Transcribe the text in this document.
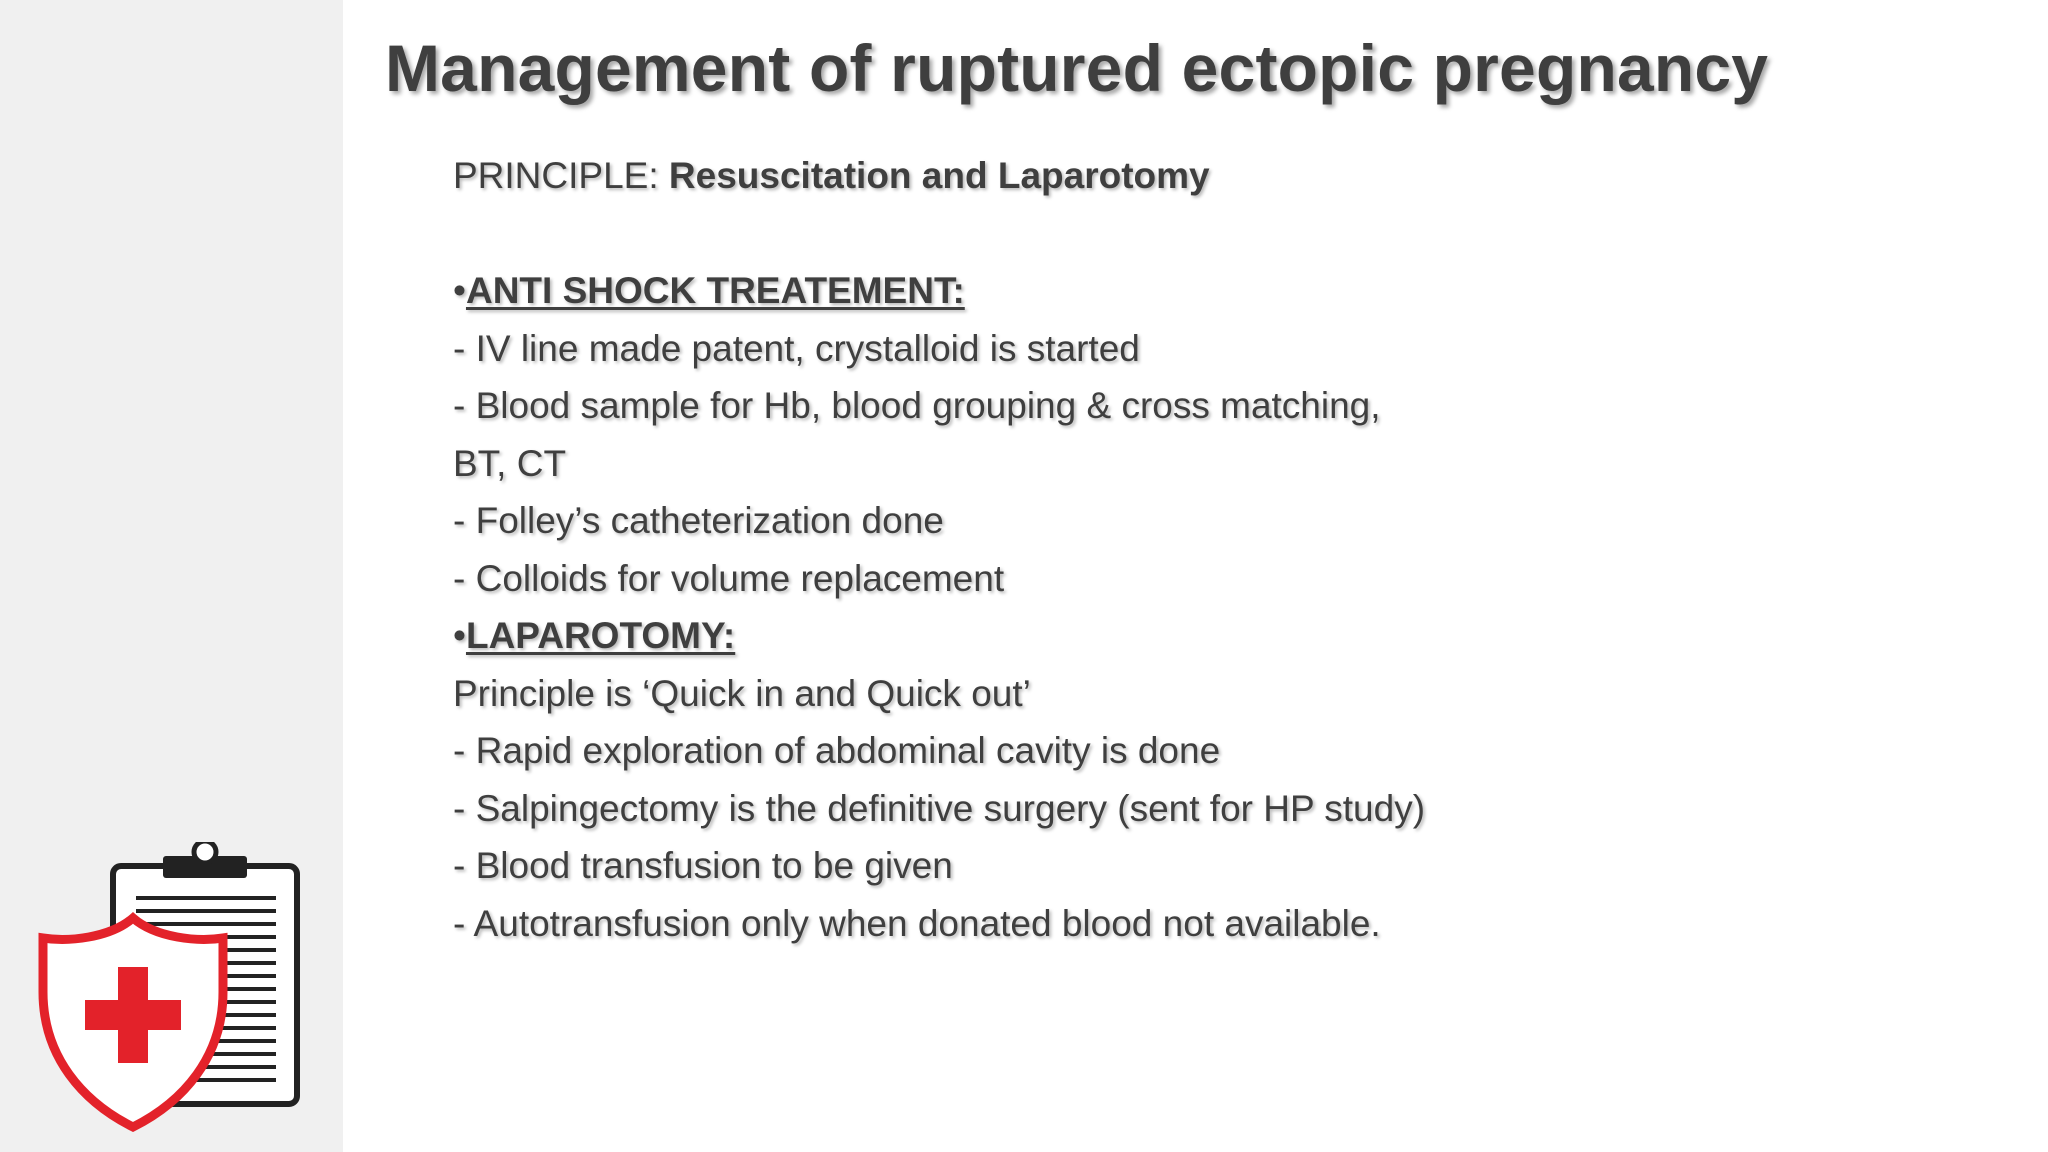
Management of ruptured ectopic pregnancy
PRINCIPLE: Resuscitation and Laparotomy
•ANTI SHOCK TREATEMENT:
- IV line made patent, crystalloid is started
- Blood sample for Hb, blood grouping & cross matching,
BT, CT
- Folley’s catheterization done
- Colloids for volume replacement
•LAPAROTOMY:
Principle is ‘Quick in and Quick out’
- Rapid exploration of abdominal cavity is done
- Salpingectomy is the definitive surgery (sent for HP study)
- Blood transfusion to be given
- Autotransfusion only when donated blood not available.
